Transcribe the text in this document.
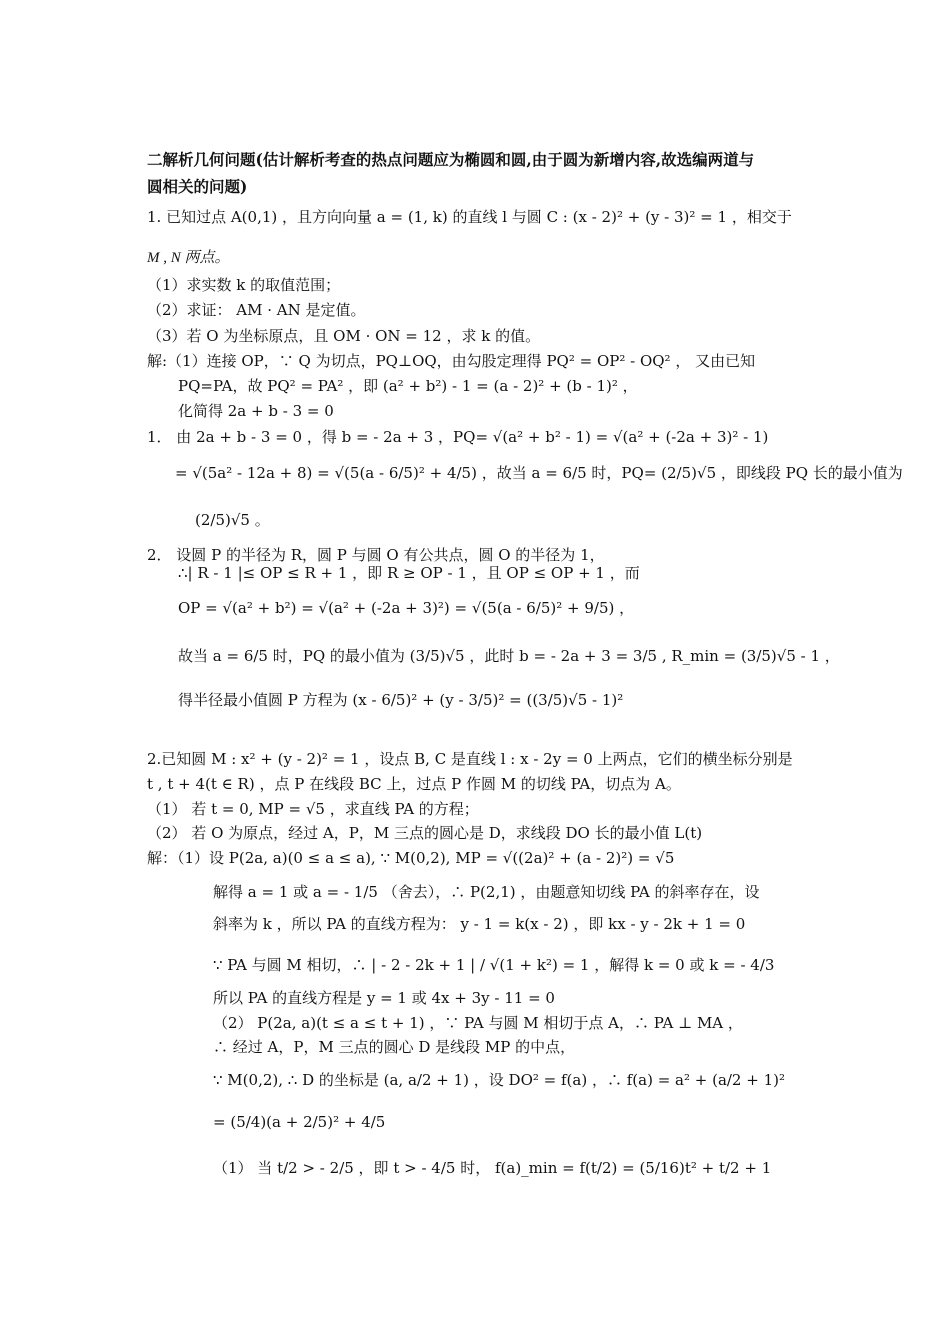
二解析几何问题(估计解析考查的热点问题应为椭圆和圆,由于圆为新增内容,故选编两道与
圆相关的问题)
1. 已知过点 A(0,1) ，且方向向量 a = (1, k) 的直线 l 与圆 C : (x - 2)² + (y - 3)² = 1 ，相交于
M , N 两点。
（1）求实数 k 的取值范围；
（2）求证： AM · AN 是定值。
（3）若 O 为坐标原点，且 OM · ON = 12 ，求 k 的值。
解:（1）连接 OP，∵ Q 为切点，PQ⊥OQ，由勾股定理得 PQ² = OP² - OQ² ， 又由已知
PQ=PA，故 PQ² = PA² ，即 (a² + b²) - 1 = (a - 2)² + (b - 1)² ，
化简得 2a + b - 3 = 0
1． 由 2a + b - 3 = 0 ，得 b = - 2a + 3 ，PQ= √(a² + b² - 1) = √(a² + (-2a + 3)² - 1)
= √(5a² - 12a + 8) = √(5(a - 6/5)² + 4/5) ，故当 a = 6/5 时，PQ= (2/5)√5 ，即线段 PQ 长的最小值为
(2/5)√5 。
2． 设圆 P 的半径为 R，圆 P 与圆 O 有公共点，圆 O 的半径为 1，
∴| R - 1 |≤ OP ≤ R + 1 ，即 R ≥ OP - 1 ，且 OP ≤ OP + 1 ，而
OP = √(a² + b²) = √(a² + (-2a + 3)²) = √(5(a - 6/5)² + 9/5) ，
故当 a = 6/5 时，PQ 的最小值为 (3/5)√5 ，此时 b = - 2a + 3 = 3/5 , R_min = (3/5)√5 - 1 ，
得半径最小值圆 P 方程为 (x - 6/5)² + (y - 3/5)² = ((3/5)√5 - 1)²
2.已知圆 M : x² + (y - 2)² = 1 ，设点 B, C 是直线 l : x - 2y = 0 上两点，它们的横坐标分别是
t , t + 4(t ∈ R) ，点 P 在线段 BC 上，过点 P 作圆 M 的切线 PA，切点为 A。
（1） 若 t = 0, MP = √5 ，求直线 PA 的方程；
（2） 若 O 为原点，经过 A，P，M 三点的圆心是 D，求线段 DO 长的最小值 L(t)
解：（1）设 P(2a, a)(0 ≤ a ≤ a), ∵ M(0,2), MP = √((2a)² + (a - 2)²) = √5
解得 a = 1 或 a = - 1/5 （舍去），∴ P(2,1) ，由题意知切线 PA 的斜率存在，设
斜率为 k ，所以 PA 的直线方程为： y - 1 = k(x - 2) ，即 kx - y - 2k + 1 = 0
∵ PA 与圆 M 相切，∴ | - 2 - 2k + 1 | / √(1 + k²) = 1 ，解得 k = 0 或 k = - 4/3
所以 PA 的直线方程是 y = 1 或 4x + 3y - 11 = 0
（2） P(2a, a)(t ≤ a ≤ t + 1) ，∵ PA 与圆 M 相切于点 A，∴ PA ⊥ MA ，
∴ 经过 A，P，M 三点的圆心 D 是线段 MP 的中点，
∵ M(0,2), ∴ D 的坐标是 (a, a/2 + 1) ，设 DO² = f(a) ，∴ f(a) = a² + (a/2 + 1)²
= (5/4)(a + 2/5)² + 4/5
（1） 当 t/2 > - 2/5 ，即 t > - 4/5 时， f(a)_min = f(t/2) = (5/16)t² + t/2 + 1
